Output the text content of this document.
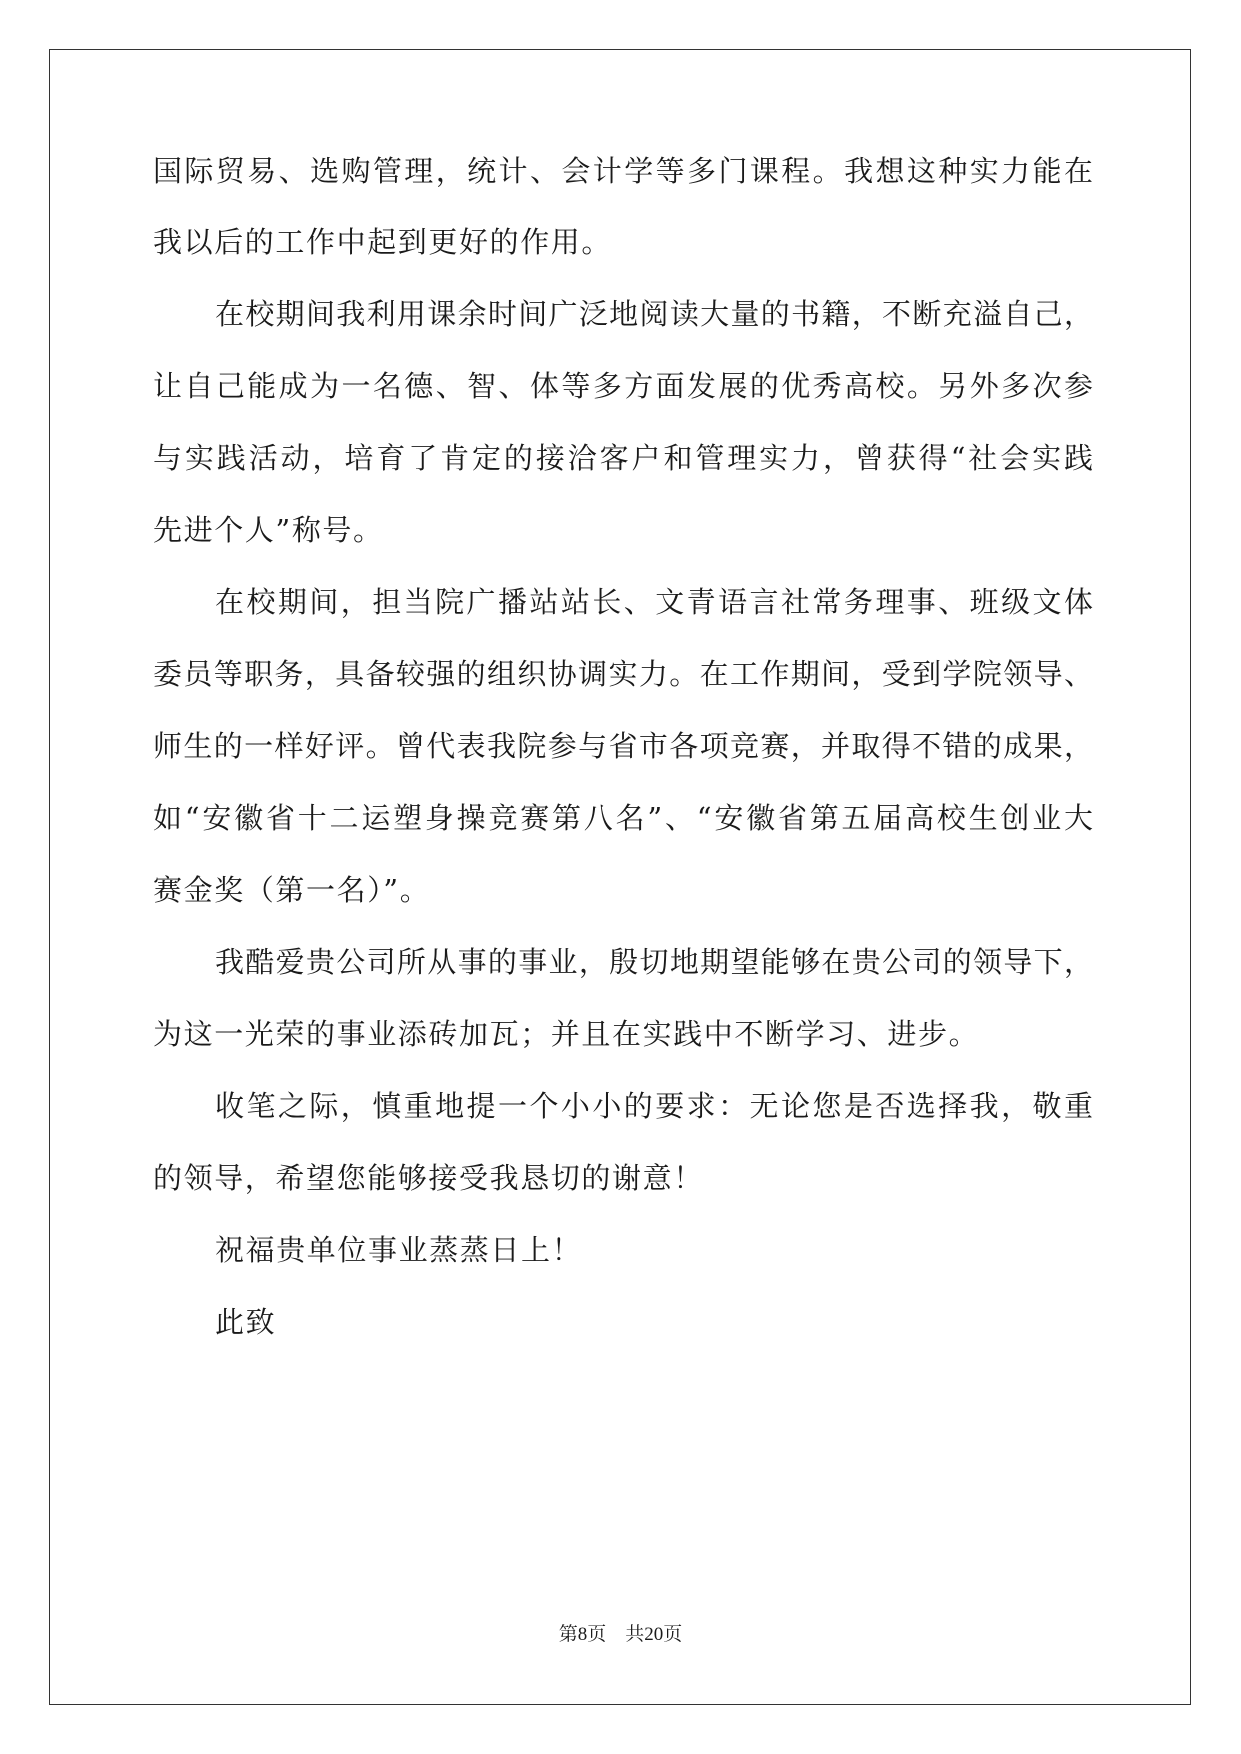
国际贸易、选购管理，统计、会计学等多门课程。我想这种实力能在
我以后的工作中起到更好的作用。
在校期间我利用课余时间广泛地阅读大量的书籍，不断充溢自己，
让自己能成为一名德、智、体等多方面发展的优秀高校。另外多次参
与实践活动，培育了肯定的接洽客户和管理实力，曾获得“社会实践
先进个人”称号。
在校期间，担当院广播站站长、文青语言社常务理事、班级文体
委员等职务，具备较强的组织协调实力。在工作期间，受到学院领导、
师生的一样好评。曾代表我院参与省市各项竞赛，并取得不错的成果，
如“安徽省十二运塑身操竞赛第八名”、“安徽省第五届高校生创业大
赛金奖（第一名）”。
我酷爱贵公司所从事的事业，殷切地期望能够在贵公司的领导下，
为这一光荣的事业添砖加瓦；并且在实践中不断学习、进步。
收笔之际，慎重地提一个小小的要求：无论您是否选择我，敬重
的领导，希望您能够接受我恳切的谢意！
祝福贵单位事业蒸蒸日上！
此致
第8页　共20页
